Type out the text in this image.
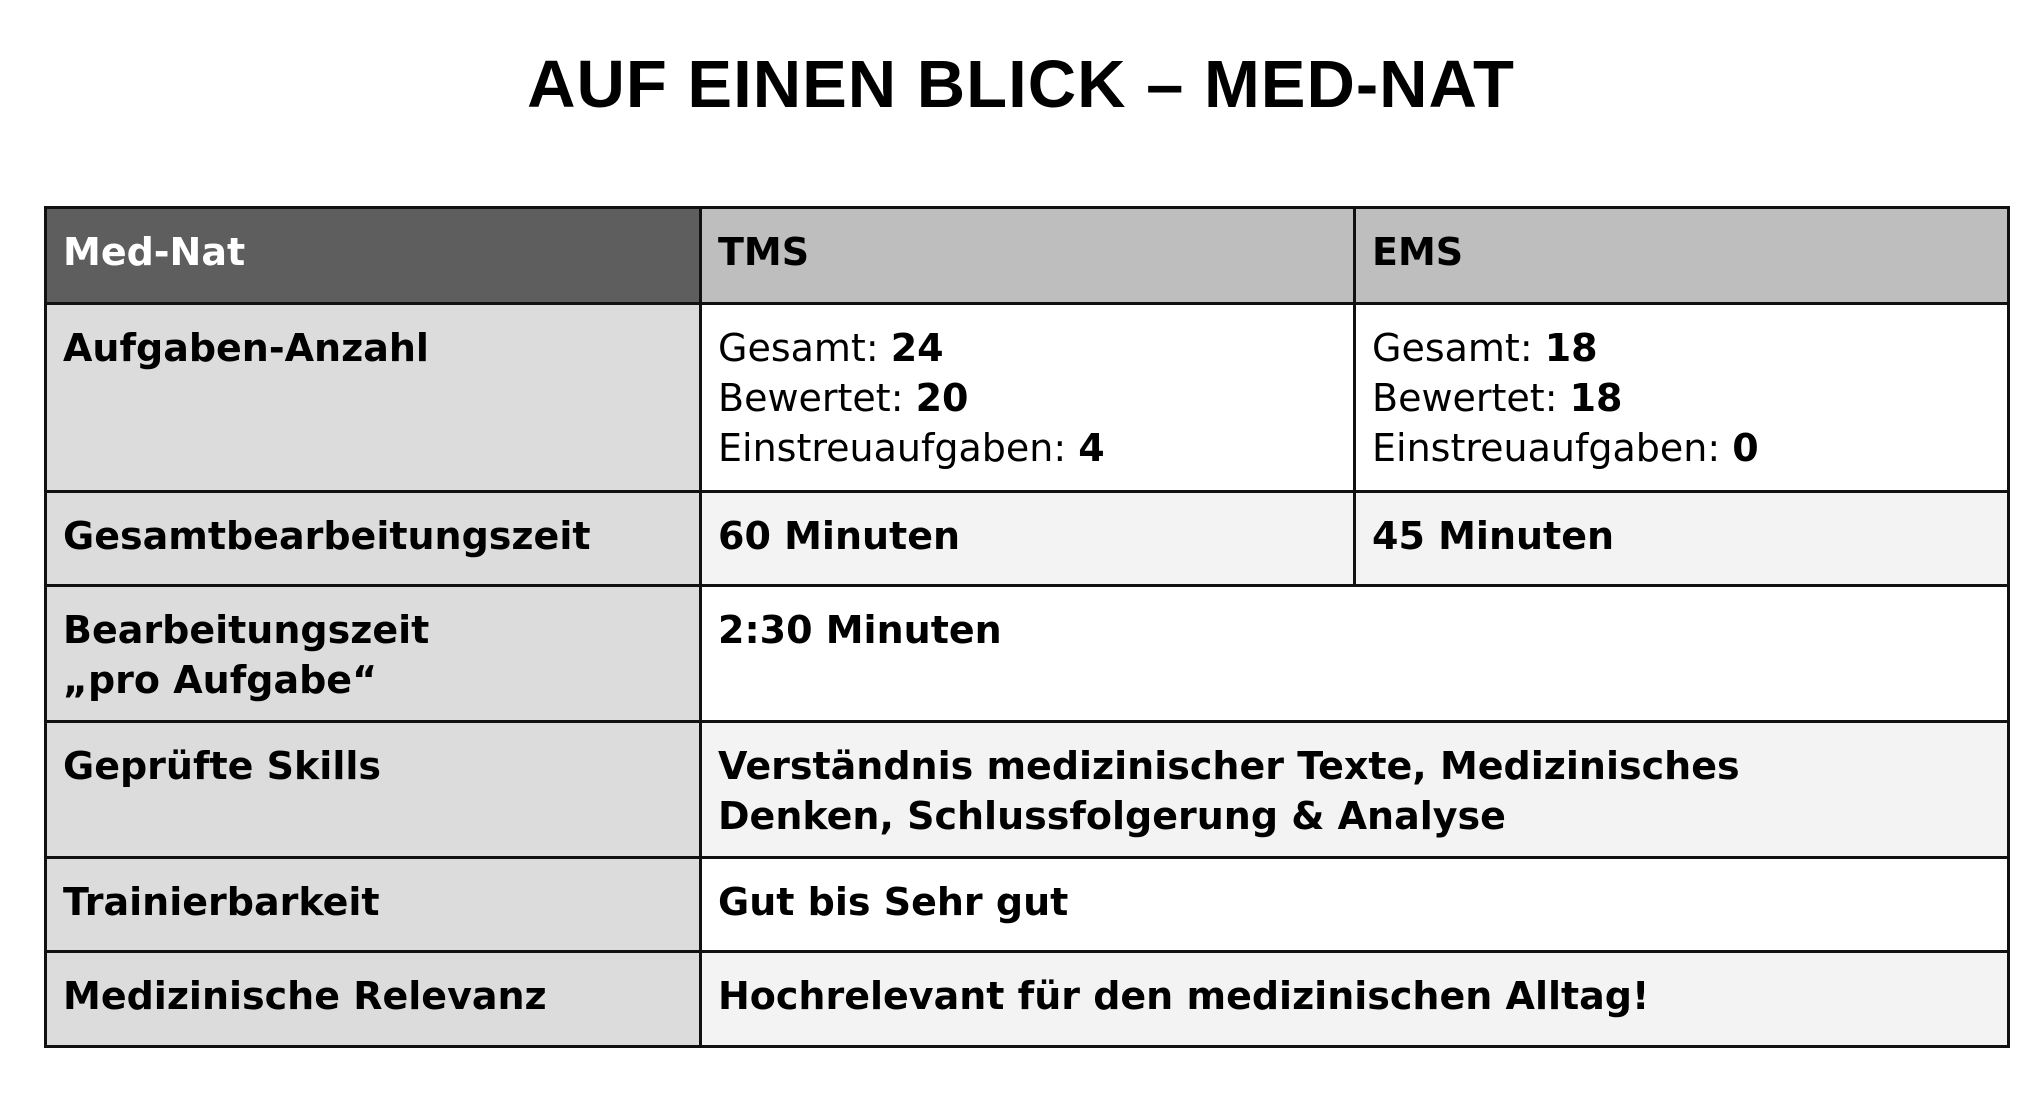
AUF EINEN BLICK – MED-NAT
Med-Nat	TMS	EMS
Aufgaben-Anzahl	Gesamt: 24
Bewertet: 20
Einstreuaufgaben: 4	Gesamt: 18
Bewertet: 18
Einstreuaufgaben: 0

Gesamtbearbeitungszeit	60 Minuten	45 Minuten

Bearbeitungszeit
„pro Aufgabe“	2:30 Minuten	
Geprüfte Skills	Verständnis medizinischer Texte, Medizinisches
Denken, Schlussfolgerung & Analyse	

Trainierbarkeit	Gut bis Sehr gut	
Medizinische Relevanz	Hochrelevant für den medizinischen Alltag!	
